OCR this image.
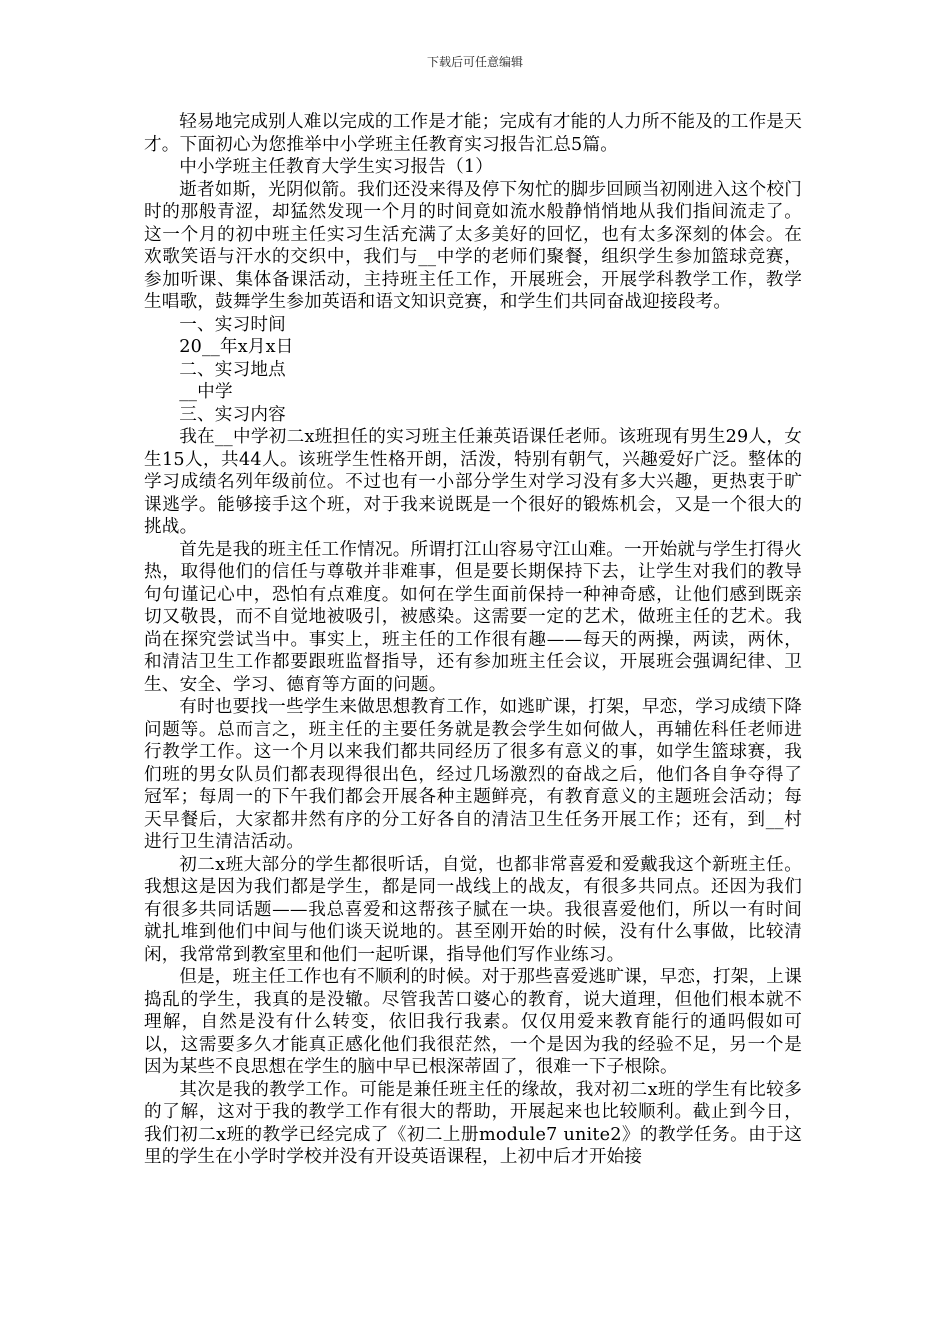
下载后可任意编辑

轻易地完成别人难以完成的工作是才能；完成有才能的人力所不能及的工作是天才。下面初心为您推举中小学班主任教育实习报告汇总5篇。

中小学班主任教育大学生实习报告（1）

逝者如斯，光阴似箭。我们还没来得及停下匆忙的脚步回顾当初刚进入这个校门时的那般青涩，却猛然发现一个月的时间竟如流水般静悄悄地从我们指间流走了。这一个月的初中班主任实习生活充满了太多美好的回忆，也有太多深刻的体会。在欢歌笑语与汗水的交织中，我们与__中学的老师们聚餐，组织学生参加篮球竞赛，参加听课、集体备课活动，主持班主任工作，开展班会，开展学科教学工作，教学生唱歌，鼓舞学生参加英语和语文知识竞赛，和学生们共同奋战迎接段考。

一、实习时间

20__年x月x日

二、实习地点

__中学

三、实习内容

我在__中学初二x班担任的实习班主任兼英语课任老师。该班现有男生29人，女生15人，共44人。该班学生性格开朗，活泼，特别有朝气，兴趣爱好广泛。整体的学习成绩名列年级前位。不过也有一小部分学生对学习没有多大兴趣，更热衷于旷课逃学。能够接手这个班，对于我来说既是一个很好的锻炼机会，又是一个很大的挑战。

首先是我的班主任工作情况。所谓打江山容易守江山难。一开始就与学生打得火热，取得他们的信任与尊敬并非难事，但是要长期保持下去，让学生对我们的教导句句谨记心中，恐怕有点难度。如何在学生面前保持一种神奇感，让他们感到既亲切又敬畏，而不自觉地被吸引，被感染。这需要一定的艺术，做班主任的艺术。我尚在探究尝试当中。事实上，班主任的工作很有趣——每天的两操，两读，两休，和清洁卫生工作都要跟班监督指导，还有参加班主任会议，开展班会强调纪律、卫生、安全、学习、德育等方面的问题。

有时也要找一些学生来做思想教育工作，如逃旷课，打架，早恋，学习成绩下降问题等。总而言之，班主任的主要任务就是教会学生如何做人，再辅佐科任老师进行教学工作。这一个月以来我们都共同经历了很多有意义的事，如学生篮球赛，我们班的男女队员们都表现得很出色，经过几场激烈的奋战之后，他们各自争夺得了冠军；每周一的下午我们都会开展各种主题鲜亮，有教育意义的主题班会活动；每天早餐后，大家都井然有序的分工好各自的清洁卫生任务开展工作；还有，到__村进行卫生清洁活动。

初二x班大部分的学生都很听话，自觉，也都非常喜爱和爱戴我这个新班主任。我想这是因为我们都是学生，都是同一战线上的战友，有很多共同点。还因为我们有很多共同话题——我总喜爱和这帮孩子腻在一块。我很喜爱他们，所以一有时间就扎堆到他们中间与他们谈天说地的。甚至刚开始的时候，没有什么事做，比较清闲，我常常到教室里和他们一起听课，指导他们写作业练习。

但是，班主任工作也有不顺利的时候。对于那些喜爱逃旷课，早恋，打架，上课捣乱的学生，我真的是没辙。尽管我苦口婆心的教育，说大道理，但他们根本就不理解，自然是没有什么转变，依旧我行我素。仅仅用爱来教育能行的通吗假如可以，这需要多久才能真正感化他们我很茫然，一个是因为我的经验不足，另一个是因为某些不良思想在学生的脑中早已根深蒂固了，很难一下子根除。

其次是我的教学工作。可能是兼任班主任的缘故，我对初二x班的学生有比较多的了解，这对于我的教学工作有很大的帮助，开展起来也比较顺利。截止到今日，我们初二x班的教学已经完成了《初二上册module7 unite2》的教学任务。由于这里的学生在小学时学校并没有开设英语课程，上初中后才开始接
